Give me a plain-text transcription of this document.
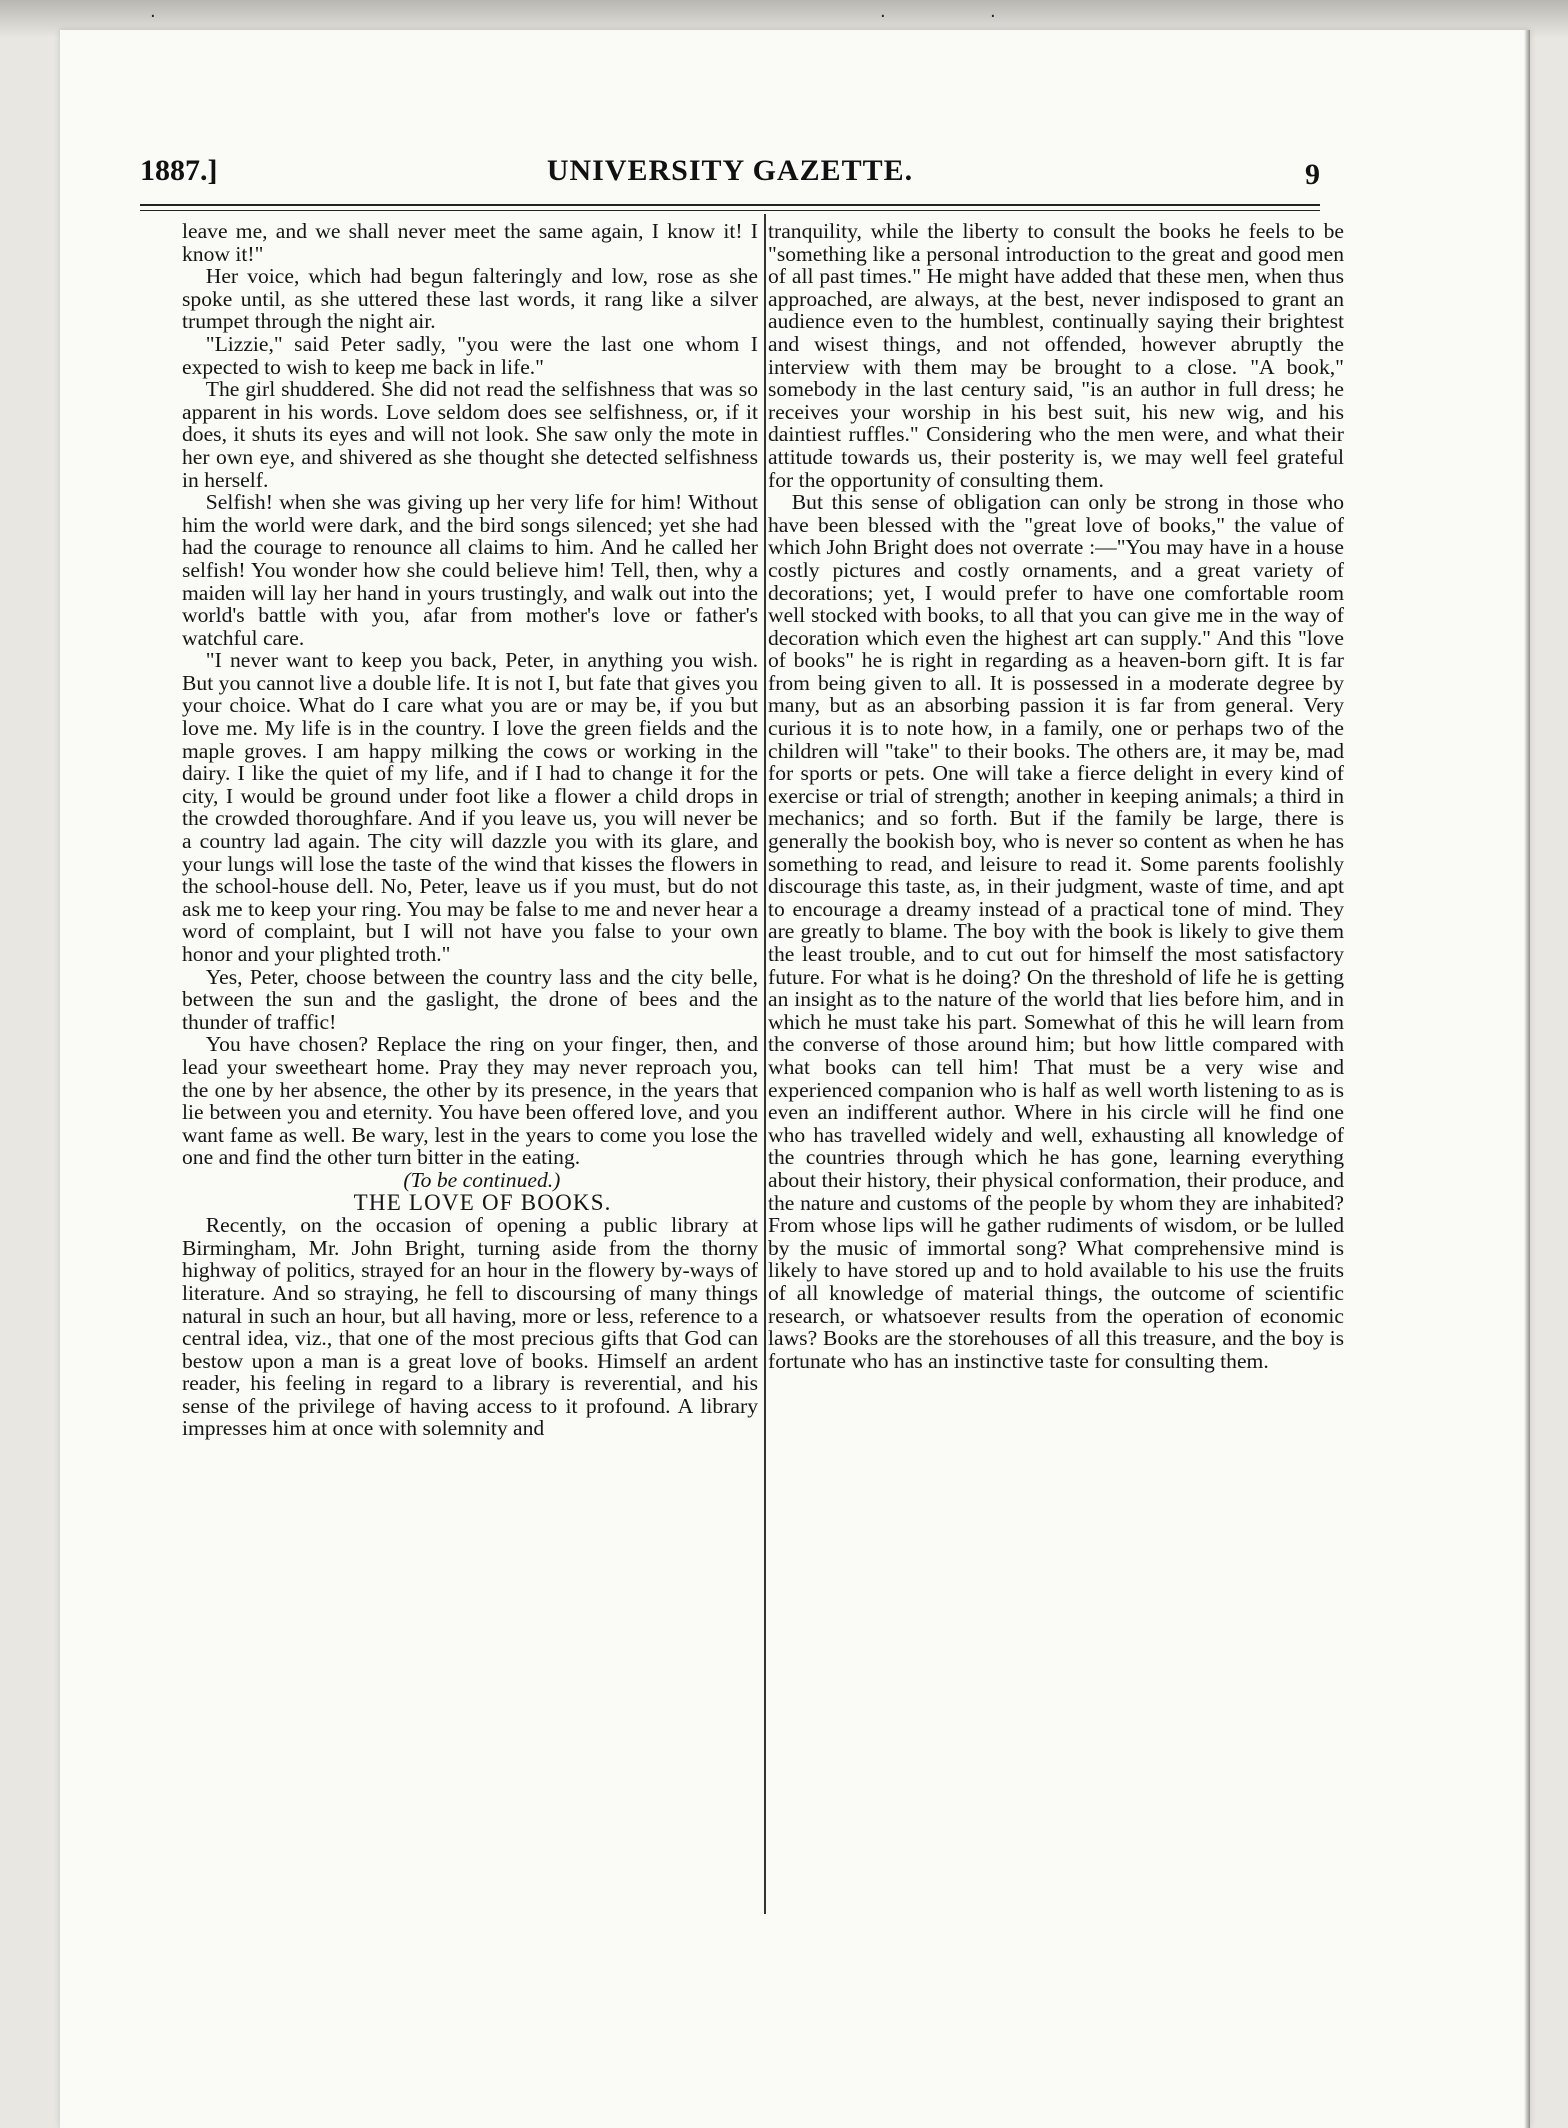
·	·	·
1887.]	UNIVERSITY GAZETTE.	9

leave me, and we shall never meet the same again, I know it! I know it!"

Her voice, which had begun falteringly and low, rose as she spoke until, as she uttered these last words, it rang like a silver trumpet through the night air.

"Lizzie," said Peter sadly, "you were the last one whom I expected to wish to keep me back in life."

The girl shuddered. She did not read the selfishness that was so apparent in his words. Love seldom does see selfishness, or, if it does, it shuts its eyes and will not look. She saw only the mote in her own eye, and shivered as she thought she detected selfishness in herself.

Selfish! when she was giving up her very life for him! Without him the world were dark, and the bird songs silenced; yet she had had the courage to renounce all claims to him. And he called her selfish! You wonder how she could believe him! Tell, then, why a maiden will lay her hand in yours trustingly, and walk out into the world's battle with you, afar from mother's love or father's watchful care.

"I never want to keep you back, Peter, in anything you wish. But you cannot live a double life. It is not I, but fate that gives you your choice. What do I care what you are or may be, if you but love me. My life is in the country. I love the green fields and the maple groves. I am happy milking the cows or working in the dairy. I like the quiet of my life, and if I had to change it for the city, I would be ground under foot like a flower a child drops in the crowded thoroughfare. And if you leave us, you will never be a country lad again. The city will dazzle you with its glare, and your lungs will lose the taste of the wind that kisses the flowers in the school-house dell. No, Peter, leave us if you must, but do not ask me to keep your ring. You may be false to me and never hear a word of complaint, but I will not have you false to your own honor and your plighted troth."

Yes, Peter, choose between the country lass and the city belle, between the sun and the gaslight, the drone of bees and the thunder of traffic!

You have chosen? Replace the ring on your finger, then, and lead your sweetheart home. Pray they may never reproach you, the one by her absence, the other by its presence, in the years that lie between you and eternity. You have been offered love, and you want fame as well. Be wary, lest in the years to come you lose the one and find the other turn bitter in the eating.

(To be continued.)

THE LOVE OF BOOKS.

Recently, on the occasion of opening a public library at Birmingham, Mr. John Bright, turning aside from the thorny highway of politics, strayed for an hour in the flowery by-ways of literature. And so straying, he fell to discoursing of many things natural in such an hour, but all having, more or less, reference to a central idea, viz., that one of the most precious gifts that God can bestow upon a man is a great love of books. Himself an ardent reader, his feeling in regard to a library is reverential, and his sense of the privilege of having access to it profound. A library impresses him at once with solemnity and

tranquility, while the liberty to consult the books he feels to be "something like a personal introduction to the great and good men of all past times." He might have added that these men, when thus approached, are always, at the best, never indisposed to grant an audience even to the humblest, continually saying their brightest and wisest things, and not offended, however abruptly the interview with them may be brought to a close. "A book," somebody in the last century said, "is an author in full dress; he receives your worship in his best suit, his new wig, and his daintiest ruffles." Considering who the men were, and what their attitude towards us, their posterity is, we may well feel grateful for the opportunity of consulting them.

But this sense of obligation can only be strong in those who have been blessed with the "great love of books," the value of which John Bright does not overrate :—"You may have in a house costly pictures and costly ornaments, and a great variety of decorations; yet, I would prefer to have one comfortable room well stocked with books, to all that you can give me in the way of decoration which even the highest art can supply." And this "love of books" he is right in regarding as a heaven-born gift. It is far from being given to all. It is possessed in a moderate degree by many, but as an absorbing passion it is far from general. Very curious it is to note how, in a family, one or perhaps two of the children will "take" to their books. The others are, it may be, mad for sports or pets. One will take a fierce delight in every kind of exercise or trial of strength; another in keeping animals; a third in mechanics; and so forth. But if the family be large, there is generally the bookish boy, who is never so content as when he has something to read, and leisure to read it. Some parents foolishly discourage this taste, as, in their judgment, waste of time, and apt to encourage a dreamy instead of a practical tone of mind. They are greatly to blame. The boy with the book is likely to give them the least trouble, and to cut out for himself the most satisfactory future. For what is he doing? On the threshold of life he is getting an insight as to the nature of the world that lies before him, and in which he must take his part. Somewhat of this he will learn from the converse of those around him; but how little compared with what books can tell him! That must be a very wise and experienced companion who is half as well worth listening to as is even an indifferent author. Where in his circle will he find one who has travelled widely and well, exhausting all knowledge of the countries through which he has gone, learning everything about their history, their physical conformation, their produce, and the nature and customs of the people by whom they are inhabited? From whose lips will he gather rudiments of wisdom, or be lulled by the music of immortal song? What comprehensive mind is likely to have stored up and to hold available to his use the fruits of all knowledge of material things, the outcome of scientific research, or whatsoever results from the operation of economic laws? Books are the storehouses of all this treasure, and the boy is fortunate who has an instinctive taste for consulting them.
